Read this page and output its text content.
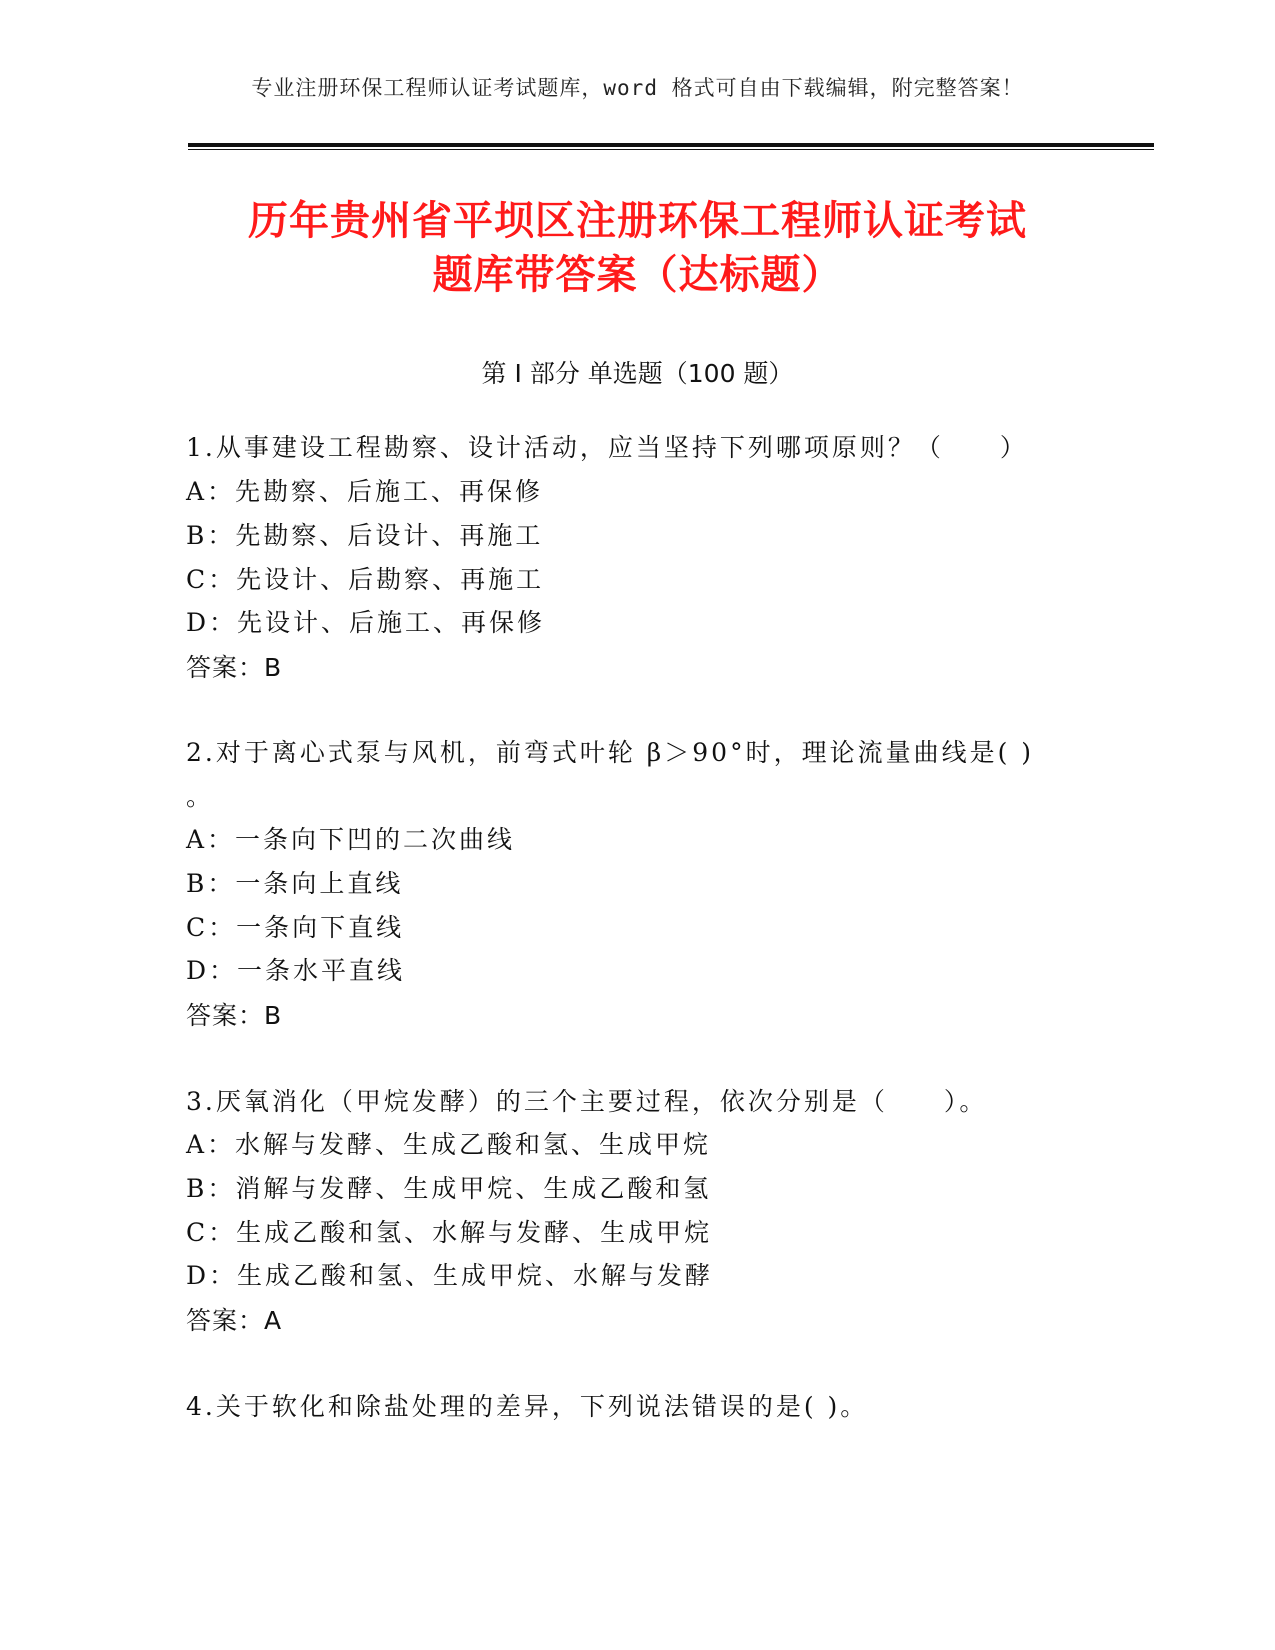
专业注册环保工程师认证考试题库，word 格式可自由下载编辑，附完整答案！
历年贵州省平坝区注册环保工程师认证考试
题库带答案（达标题）
第 I 部分 单选题（100 题）
1.从事建设工程勘察、设计活动，应当坚持下列哪项原则？（　　）
A：先勘察、后施工、再保修
B：先勘察、后设计、再施工
C：先设计、后勘察、再施工
D：先设计、后施工、再保修
答案：B
2.对于离心式泵与风机，前弯式叶轮 β＞90°时，理论流量曲线是( )
。
A：一条向下凹的二次曲线
B：一条向上直线
C：一条向下直线
D：一条水平直线
答案：B
3.厌氧消化（甲烷发酵）的三个主要过程，依次分别是（　　）。
A：水解与发酵、生成乙酸和氢、生成甲烷
B：消解与发酵、生成甲烷、生成乙酸和氢
C：生成乙酸和氢、水解与发酵、生成甲烷
D：生成乙酸和氢、生成甲烷、水解与发酵
答案：A
4.关于软化和除盐处理的差异，下列说法错误的是( )。
